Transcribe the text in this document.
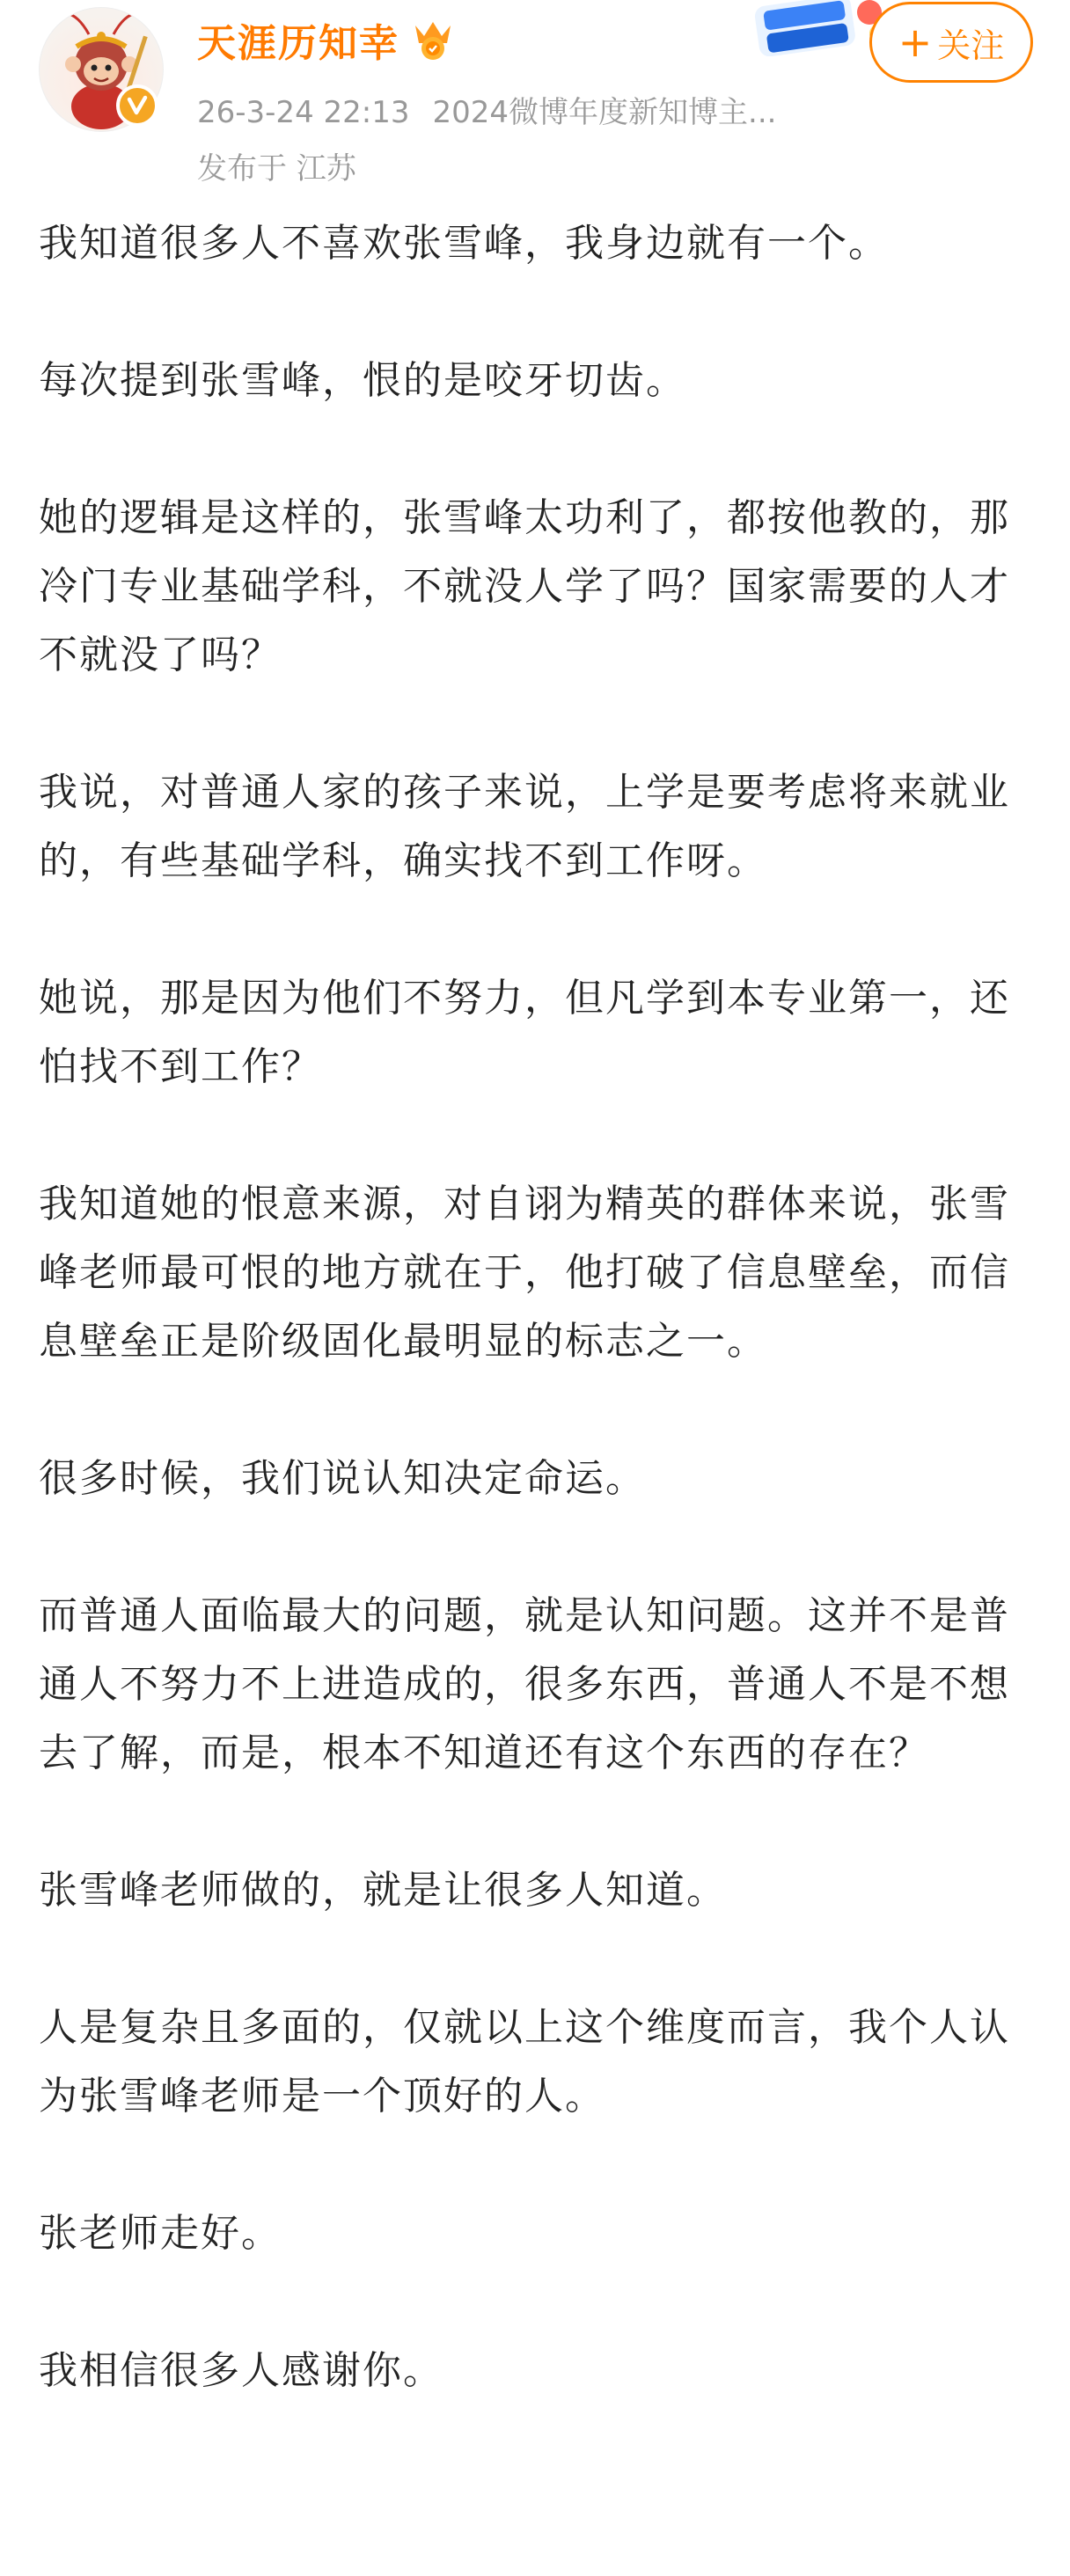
天涯历知幸
26-3-24 22:13 2024微博年度新知博主...
发布于 江苏
+ 关注

我知道很多人不喜欢张雪峰，我身边就有一个。

每次提到张雪峰，恨的是咬牙切齿。

她的逻辑是这样的，张雪峰太功利了，都按他教的，那冷门专业基础学科，不就没人学了吗？国家需要的人才不就没了吗？

我说，对普通人家的孩子来说，上学是要考虑将来就业的，有些基础学科，确实找不到工作呀。

她说，那是因为他们不努力，但凡学到本专业第一，还怕找不到工作？

我知道她的恨意来源，对自诩为精英的群体来说，张雪峰老师最可恨的地方就在于，他打破了信息壁垒，而信息壁垒正是阶级固化最明显的标志之一。

很多时候，我们说认知决定命运。

而普通人面临最大的问题，就是认知问题。这并不是普通人不努力不上进造成的，很多东西，普通人不是不想去了解，而是，根本不知道还有这个东西的存在？

张雪峰老师做的，就是让很多人知道。

人是复杂且多面的，仅就以上这个维度而言，我个人认为张雪峰老师是一个顶好的人。

张老师走好。

我相信很多人感谢你。
